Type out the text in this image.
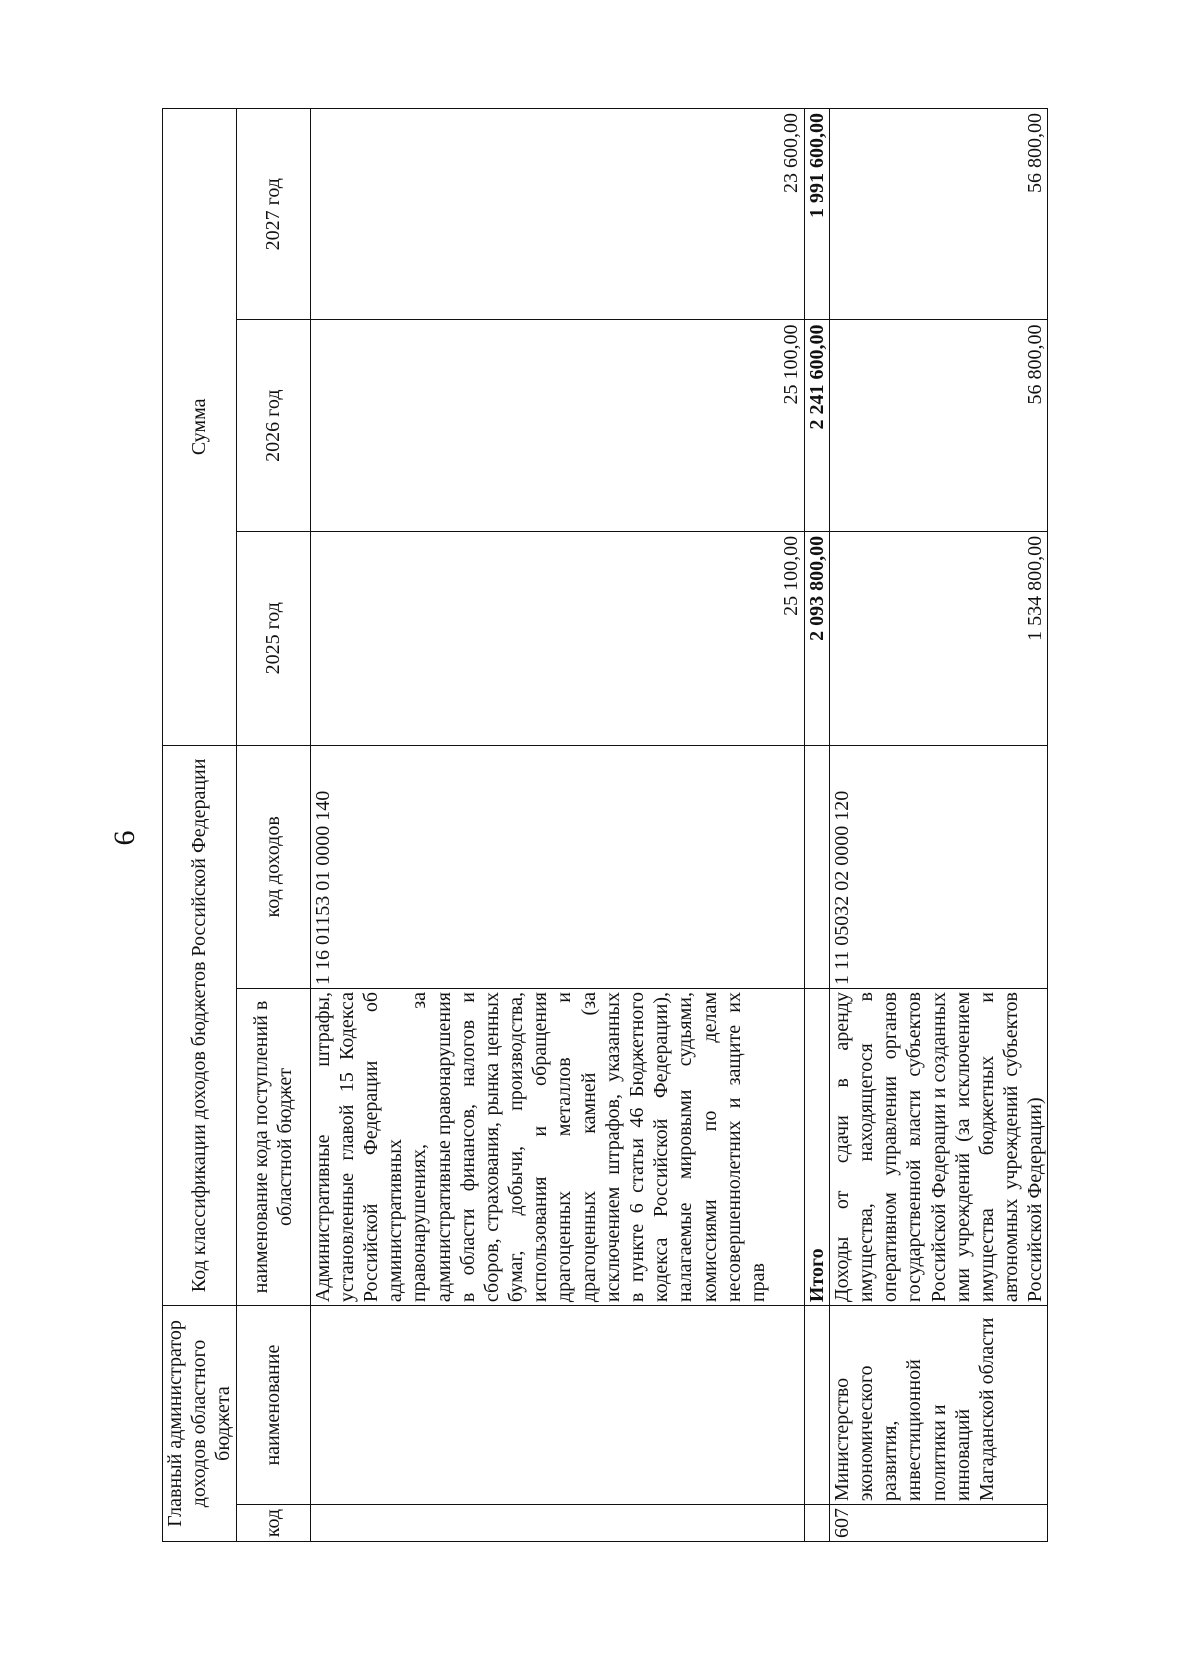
6
Главный администратор доходов областного бюджета		Код классификации доходов бюджетов Российской Федерации		Сумма		
код	наименование	наименование кода поступлений в областной бюджет	код доходов	2025 год	2026 год	2027 год
		Административные штрафы, установленные главой 15 Кодекса Российской Федерации об административных правонарушениях, за административные правонарушения в области финансов, налогов и сборов, страхования, рынка ценных бумаг, добычи, производства, использования и обращения драгоценных металлов и драгоценных камней (за исключением штрафов, указанных в пункте 6 статьи 46 Бюджетного кодекса Российской Федерации), налагаемые мировыми судьями, комиссиями по делам несовершеннолетних и защите их прав	1 16 01153 01 0000 140	25 100,00	25 100,00	23 600,00
		Итого		2 093 800,00	2 241 600,00	1 991 600,00
607	Министерство экономического развития, инвестиционной политики и инноваций Магаданской области	Доходы от сдачи в аренду имущества, находящегося в оперативном управлении органов государственной власти субъектов Российской Федерации и созданных ими учреждений (за исключением имущества бюджетных и автономных учреждений субъектов Российской Федерации)	1 11 05032 02 0000 120	1 534 800,00	56 800,00	56 800,00
